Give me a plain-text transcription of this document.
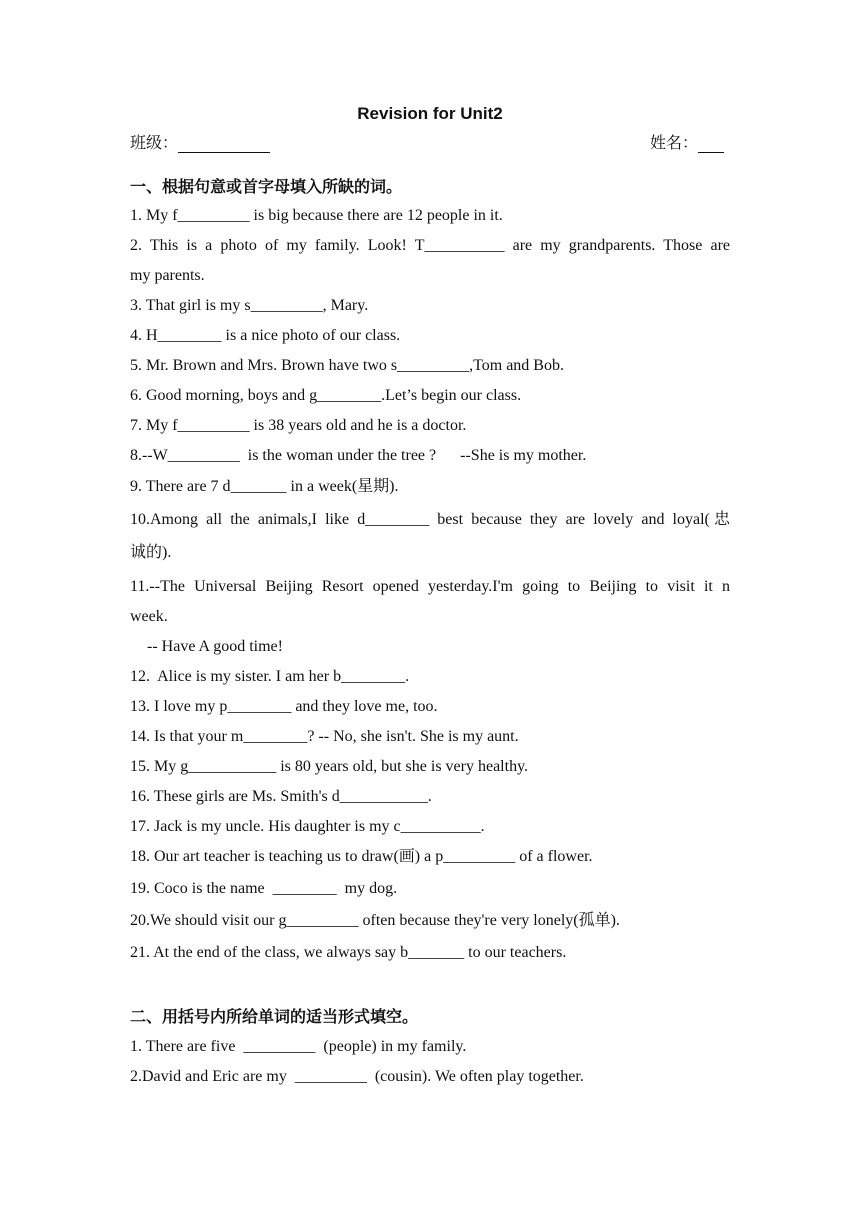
Revision for Unit2
班级：	姓名：
一、根据句意或首字母填入所缺的词。
1. My f_________ is big because there are 12 people in it.
2. This is a photo of my family. Look! T__________ are my grandparents. Those are
my parents.
3. That girl is my s_________, Mary.
4. H________ is a nice photo of our class.
5. Mr. Brown and Mrs. Brown have two s_________,Tom and Bob.
6. Good morning, boys and g________.Let’s begin our class.
7. My f_________ is 38 years old and he is a doctor.
8.--W_________  is the woman under the tree ?      --She is my mother.
9. There are 7 d_______ in a week(星期).
10.Among all the animals,I like d________ best because they are lovely and loyal(忠
诚的).
11.--The Universal Beijing Resort opened yesterday.I'm going to Beijing to visit it n
week.
-- Have A good time!
12.  Alice is my sister. I am her b________.
13. I love my p________ and they love me, too.
14. Is that your m________? -- No, she isn't. She is my aunt.
15. My g___________ is 80 years old, but she is very healthy.
16. These girls are Ms. Smith's d___________.
17. Jack is my uncle. His daughter is my c__________.
18. Our art teacher is teaching us to draw(画) a p_________ of a flower.
19. Coco is the name  ________  my dog.
20.We should visit our g_________ often because they're very lonely(孤单).
21. At the end of the class, we always say b_______ to our teachers.
二、用括号内所给单词的适当形式填空。
1. There are five  _________  (people) in my family.
2.David and Eric are my  _________  (cousin). We often play together.
